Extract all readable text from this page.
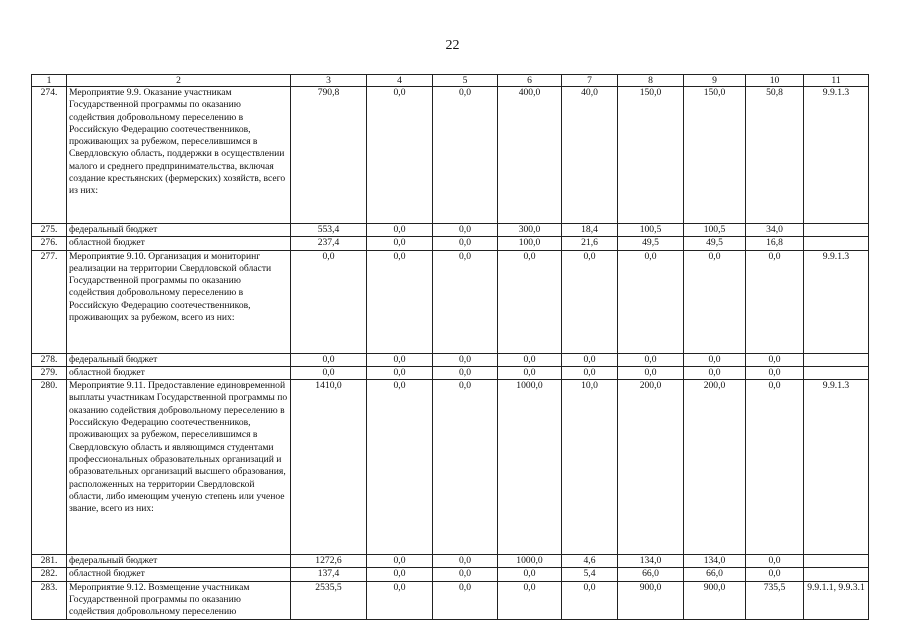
22
1	2	3	4	5	6	7	8	9	10	11
274.	Мероприятие 9.9. Оказание участникам Государственной программы по оказанию содействия добровольному переселению в Российскую Федерацию соотечественников, проживающих за рубежом, переселившимся в Свердловскую область, поддержки в осуществлении малого и среднего предпринимательства, включая создание крестьянских (фермерских) хозяйств, всего из них:	790,8	0,0	0,0	400,0	40,0	150,0	150,0	50,8	9.9.1.3
275.	федеральный бюджет	553,4	0,0	0,0	300,0	18,4	100,5	100,5	34,0	
276.	областной бюджет	237,4	0,0	0,0	100,0	21,6	49,5	49,5	16,8	
277.	Мероприятие 9.10. Организация и мониторинг реализации на территории Свердловской области Государственной программы по оказанию содействия добровольному переселению в Российскую Федерацию соотечественников, проживающих за рубежом, всего из них:	0,0	0,0	0,0	0,0	0,0	0,0	0,0	0,0	9.9.1.3
278.	федеральный бюджет	0,0	0,0	0,0	0,0	0,0	0,0	0,0	0,0	
279.	областной бюджет	0,0	0,0	0,0	0,0	0,0	0,0	0,0	0,0	
280.	Мероприятие 9.11. Предоставление единовременной выплаты участникам Государственной программы по оказанию содействия добровольному переселению в Российскую Федерацию соотечественников, проживающих за рубежом, переселившимся в Свердловскую область и являющимся студентами профессиональных образовательных организаций и образовательных организаций высшего образования, расположенных на территории Свердловской области, либо имеющим ученую степень или ученое звание, всего из них:	1410,0	0,0	0,0	1000,0	10,0	200,0	200,0	0,0	9.9.1.3
281.	федеральный бюджет	1272,6	0,0	0,0	1000,0	4,6	134,0	134,0	0,0	
282.	областной бюджет	137,4	0,0	0,0	0,0	5,4	66,0	66,0	0,0	
283.	Мероприятие 9.12. Возмещение участникам Государственной программы по оказанию содействия добровольному переселению	2535,5	0,0	0,0	0,0	0,0	900,0	900,0	735,5	9.9.1.1, 9.9.3.1
